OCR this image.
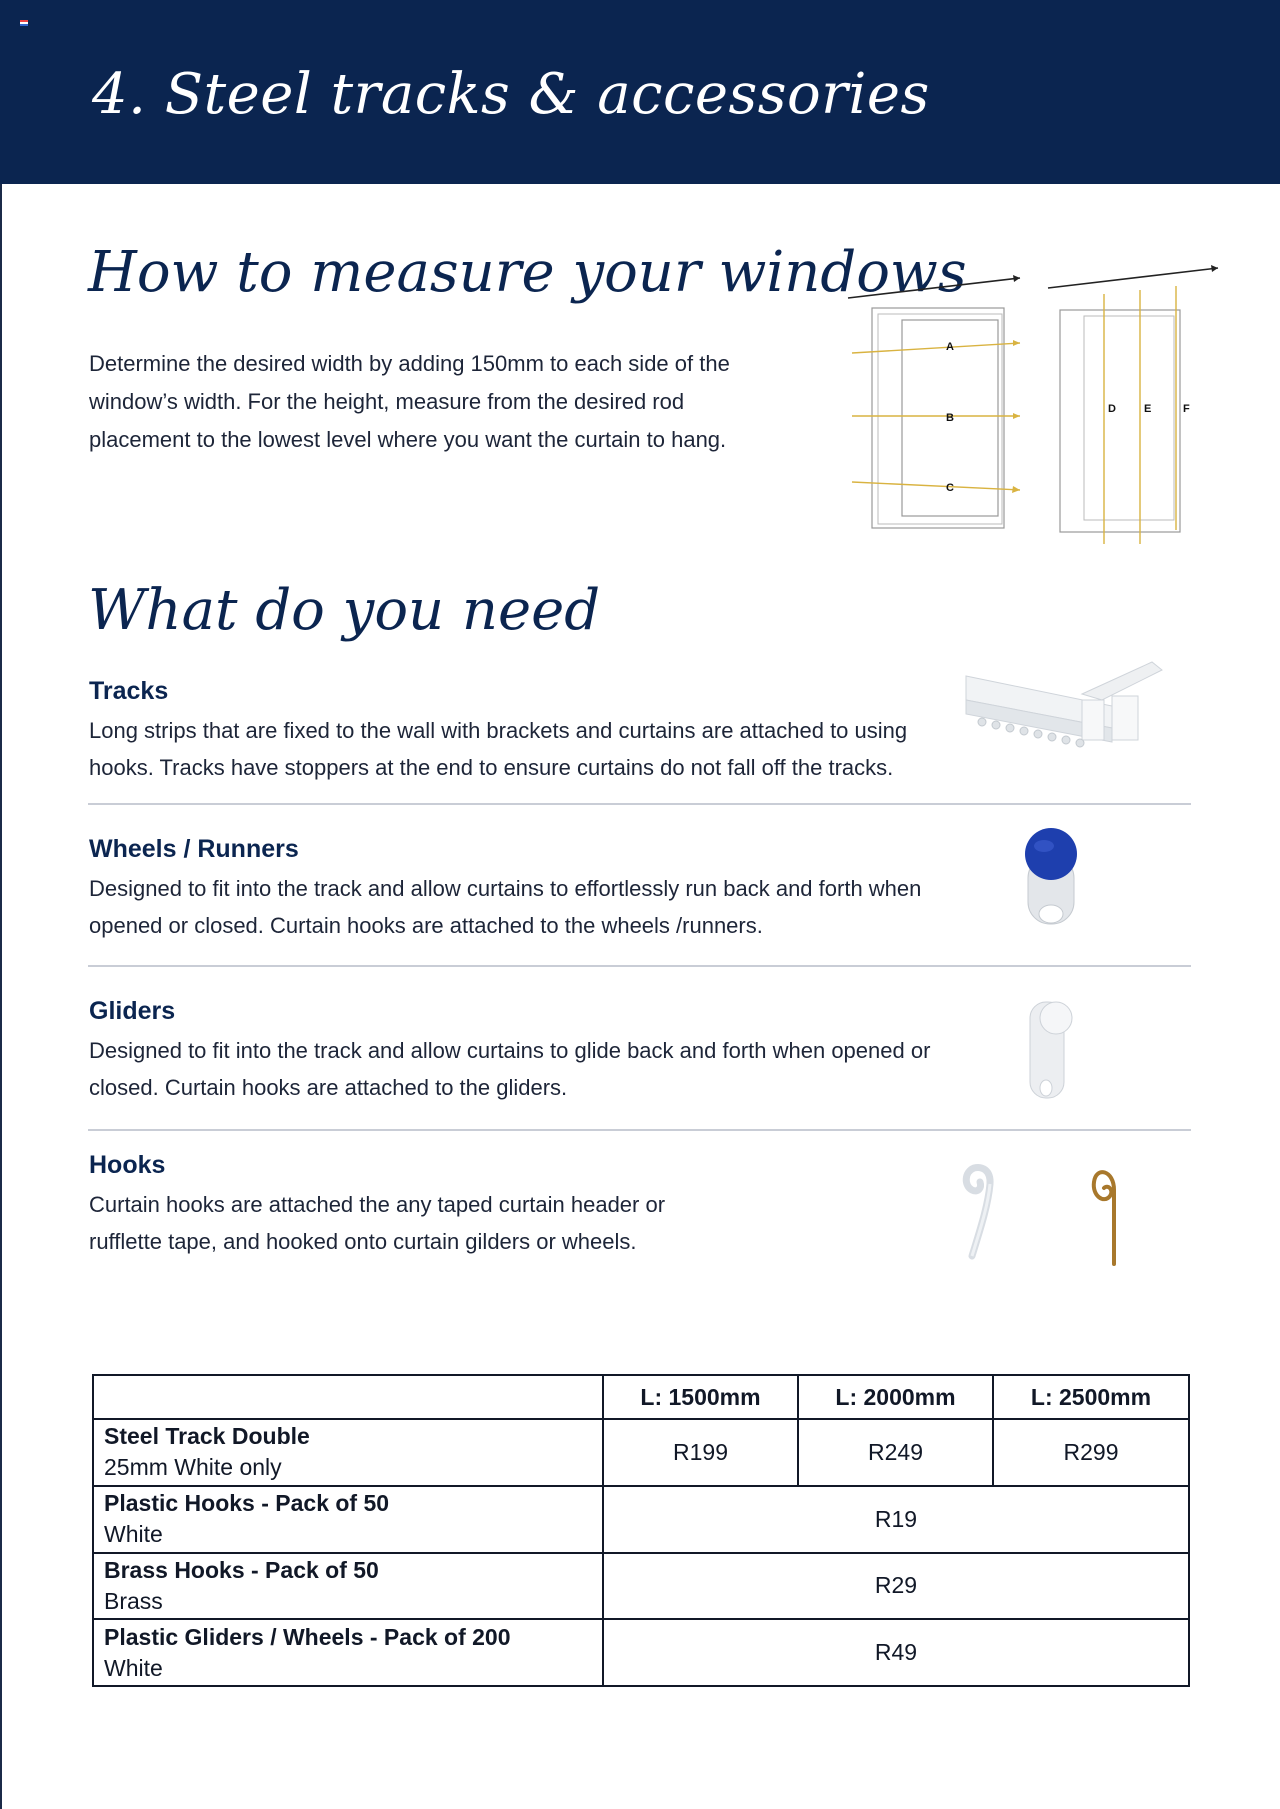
4. Steel tracks & accessories
How to measure your windows

Determine the desired width by adding 150mm to each side of the window’s width. For the height, measure from the desired rod placement to the lowest level where you want the curtain to hang.

A
B
C
D	E	F
What do you need
Tracks

Long strips that are fixed to the wall with brackets and curtains are attached to using hooks. Tracks have stoppers at the end to ensure curtains do not fall off the tracks.

Wheels / Runners

Designed to fit into the track and allow curtains to effortlessly run back and forth when opened or closed. Curtain hooks are attached to the wheels /runners.

Gliders

Designed to fit into the track and allow curtains to glide back and forth when opened or closed. Curtain hooks are attached to the gliders.

Hooks

Curtain hooks are attached the any taped curtain header or rufflette tape, and hooked onto curtain gilders or wheels.

	L: 1500mm	L: 2000mm	L: 2500mm

Steel Track Double
25mm White only	R199	R249	R299

Plastic Hooks - Pack of 50
White	R19		

Brass Hooks - Pack of 50
Brass	R29		

Plastic Gliders / Wheels - Pack of 200
White	R49		
